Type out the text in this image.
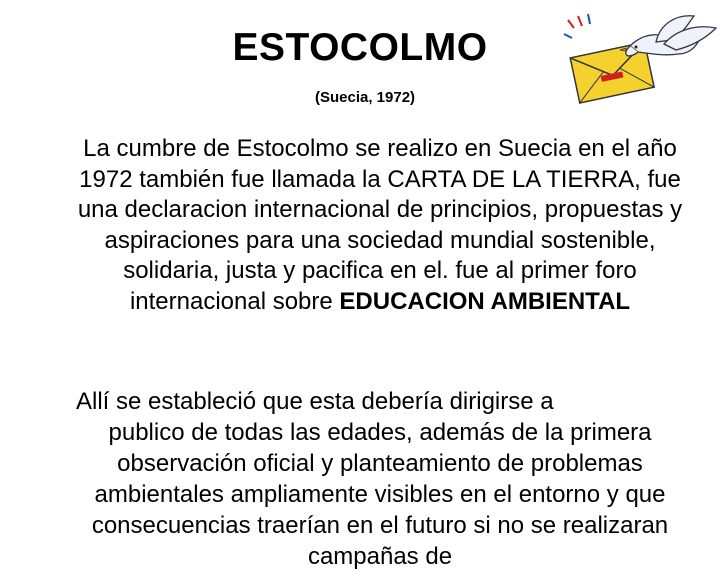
ESTOCOLMO
(Suecia, 1972)
La cumbre de Estocolmo se realizo en Suecia en el año 1972 también fue llamada la CARTA DE LA TIERRA, fue una declaracion internacional de principios, propuestas y aspiraciones para una sociedad mundial sostenible, solidaria, justa y pacifica en el. fue al primer foro internacional sobre EDUCACION AMBIENTAL
Allí se estableció que esta debería dirigirse a
publico de todas las edades, además de la primera observación oficial y planteamiento de problemas ambientales ampliamente visibles en el entorno y que consecuencias traerían en el futuro si no se realizaran campañas de
